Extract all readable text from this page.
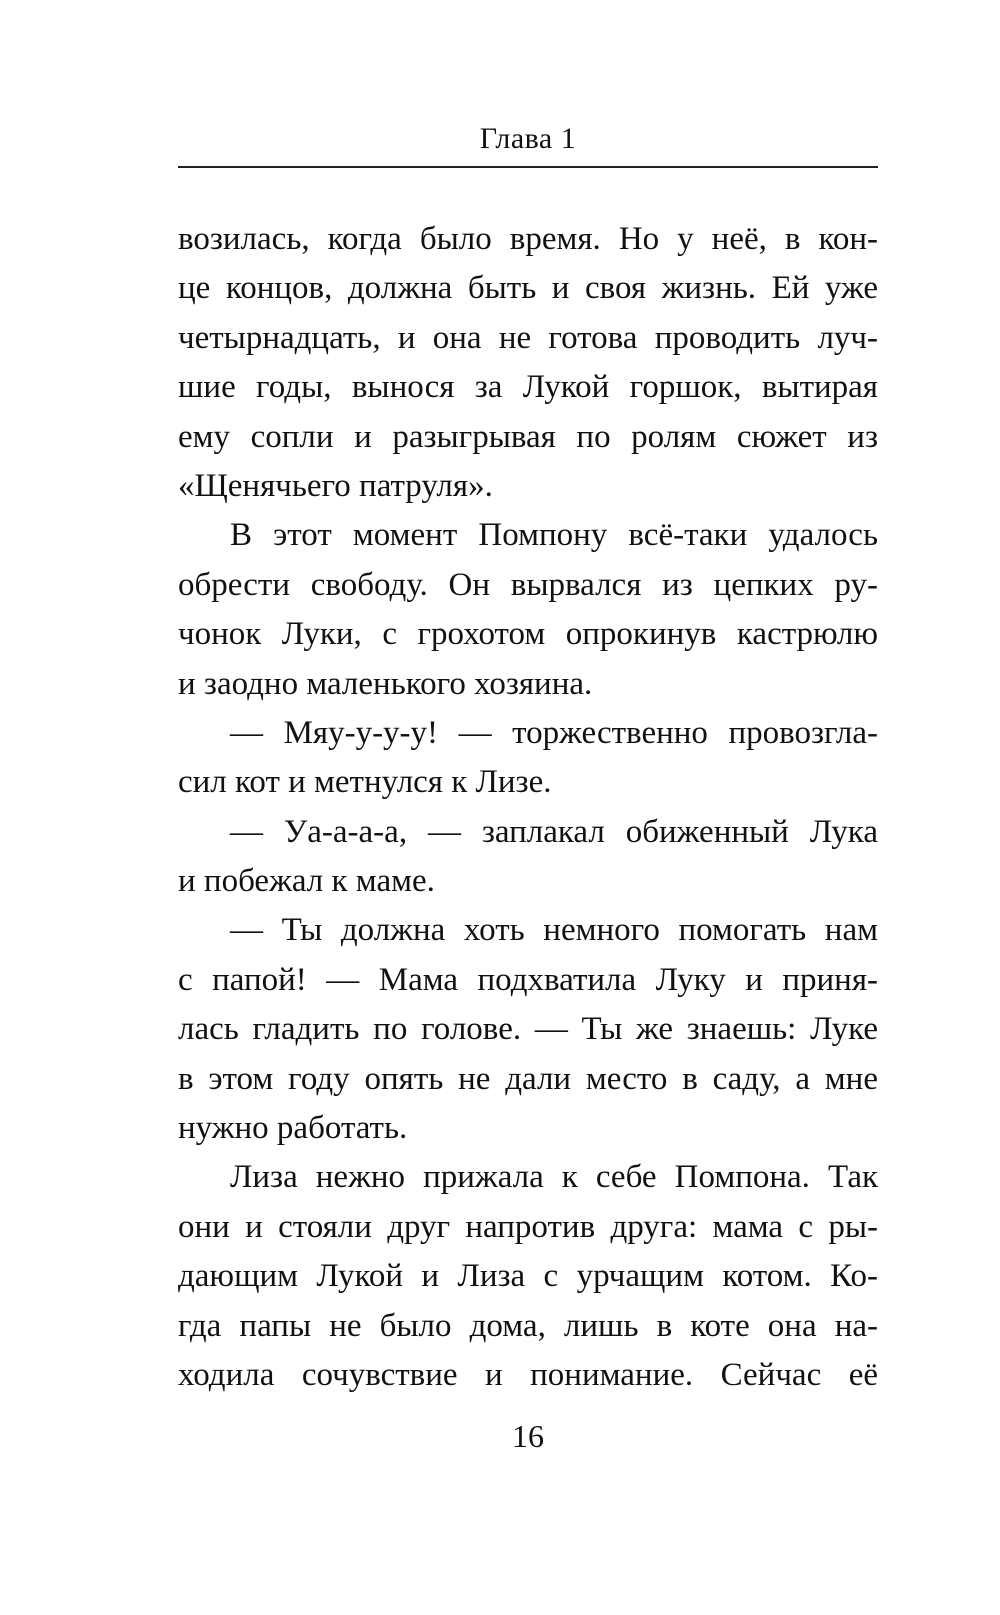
Глава 1
возилась, когда было время. Но у неё, в кон-
це концов, должна быть и своя жизнь. Ей уже
четырнадцать, и она не готова проводить луч-
шие годы, вынося за Лукой горшок, вытирая
ему сопли и разыгрывая по ролям сюжет из
«Щенячьего патруля».
В этот момент Помпону всё-таки удалось
обрести свободу. Он вырвался из цепких ру-
чонок Луки, с грохотом опрокинув кастрюлю
и заодно маленького хозяина.
— Мяу-у-у-у! — торжественно провозгла-
сил кот и метнулся к Лизе.
— Уа-а-а-а, — заплакал обиженный Лука
и побежал к маме.
— Ты должна хоть немного помогать нам
с папой! — Мама подхватила Луку и приня-
лась гладить по голове. — Ты же знаешь: Луке
в этом году опять не дали место в саду, а мне
нужно работать.
Лиза нежно прижала к себе Помпона. Так
они и стояли друг напротив друга: мама с ры-
дающим Лукой и Лиза с урчащим котом. Ко-
гда папы не было дома, лишь в коте она на-
ходила сочувствие и понимание. Сейчас её
16
